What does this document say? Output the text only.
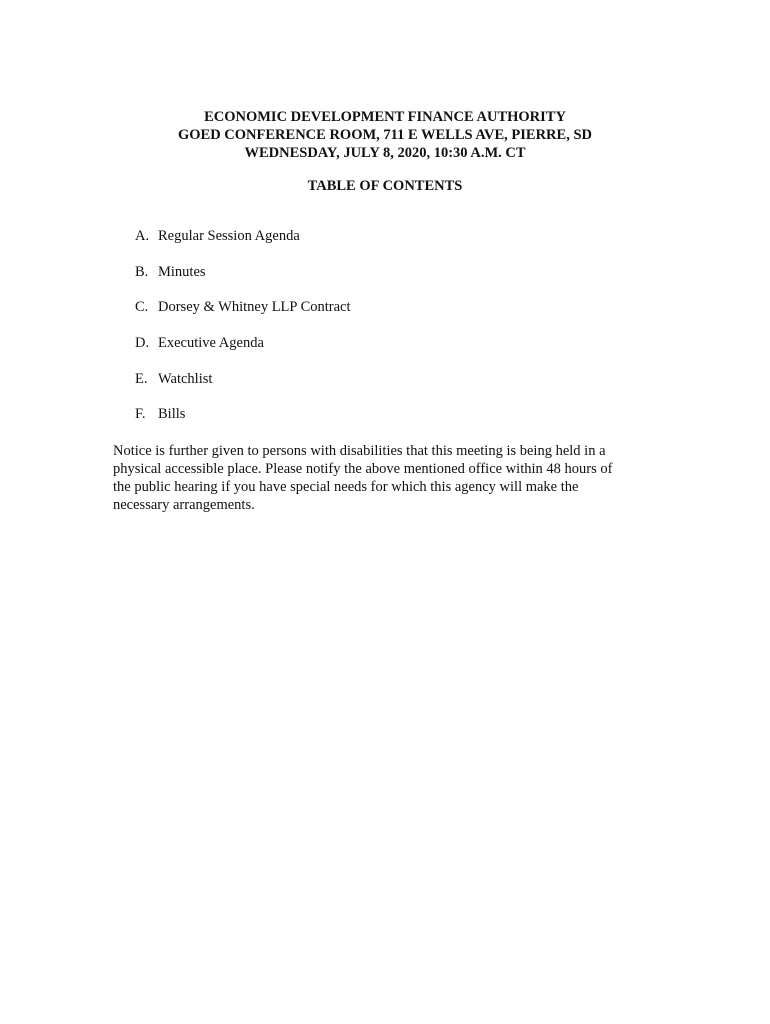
ECONOMIC DEVELOPMENT FINANCE AUTHORITY
GOED CONFERENCE ROOM, 711 E WELLS AVE, PIERRE, SD
WEDNESDAY, JULY 8, 2020, 10:30 A.M. CT
TABLE OF CONTENTS
A. Regular Session Agenda
B. Minutes
C. Dorsey & Whitney LLP Contract
D. Executive Agenda
E. Watchlist
F. Bills

Notice is further given to persons with disabilities that this meeting is being held in a
physical accessible place. Please notify the above mentioned office within 48 hours of
the public hearing if you have special needs for which this agency will make the
necessary arrangements.
